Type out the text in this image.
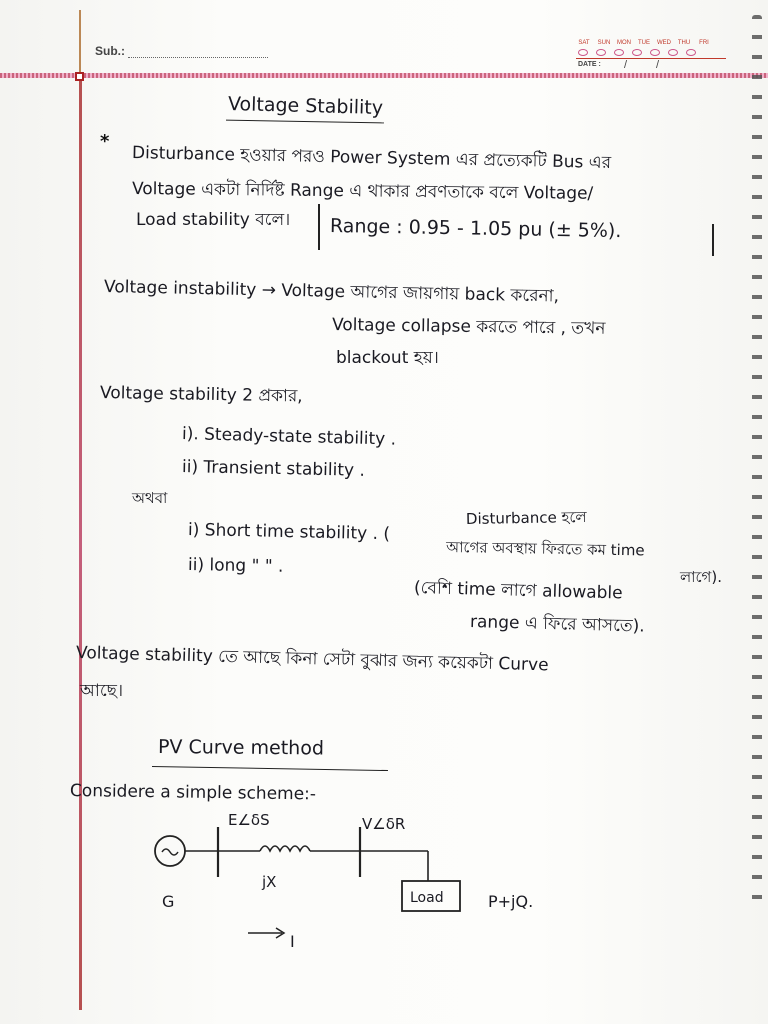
Sub.:
SAT	SUN MON	TUE	WED	THU	FRI
DATE : /	/
Voltage Stability
*
Disturbance হওয়ার পরও Power System এর প্রত্যেকটি Bus এর
Voltage একটা নির্দিষ্ট Range এ থাকার প্রবণতাকে বলে Voltage/
Load stability বলে। Range : 0.95 - 1.05 pu (± 5%).
Voltage instability → Voltage আগের জায়গায় back করেনা,
Voltage collapse করতে পারে , তখন
blackout হয়।
Voltage stability 2 প্রকার,
i). Steady-state stability .
ii) Transient stability .
অথবা
i) Short time stability . (
Disturbance হলে
আগের অবস্থায় ফিরতে কম time
লাগে).
ii) long " " .
(বেশি time লাগে allowable
range এ ফিরে আসতে).
Voltage stability তে আছে কিনা সেটা বুঝার জন্য কয়েকটা Curve
আছে।
PV Curve method
Considere a simple scheme:-
G
E∠δS	V∠δR
jX
Load	P+jQ.
I
